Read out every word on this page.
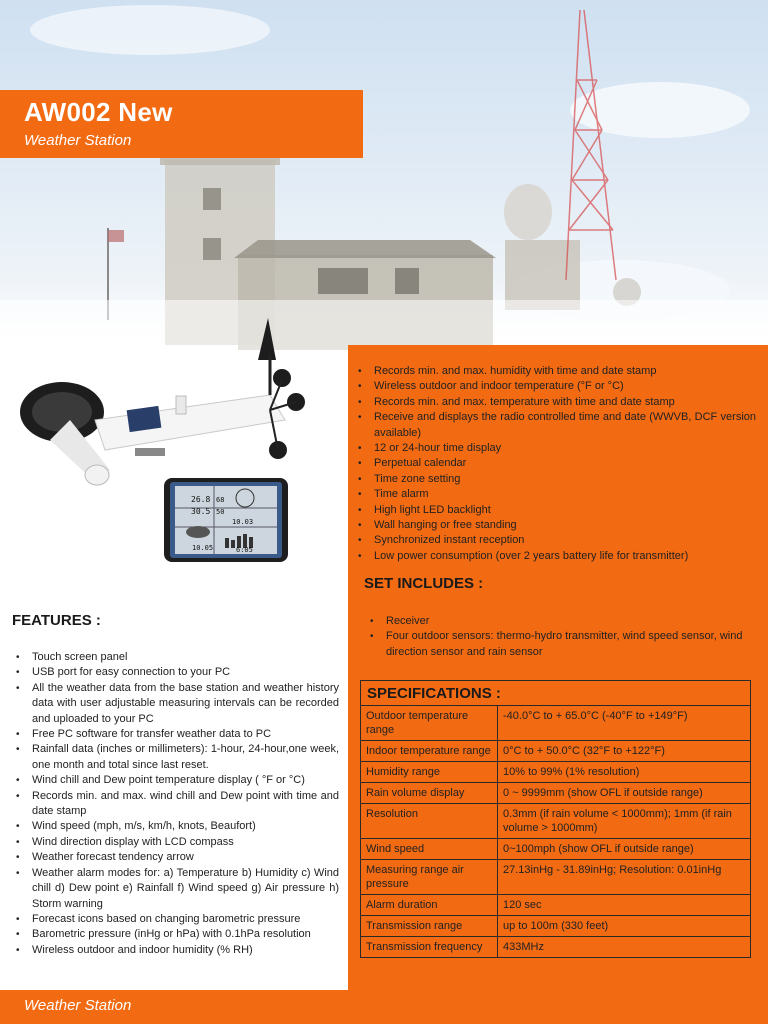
26.8 68
30.5 50
10.03
10.05	6:05
AW002 New
Weather Station
• Records min. and max. humidity with time and date stamp
• Wireless outdoor and indoor temperature (°F or °C)
• Records min. and max. temperature with time and date stamp
• Receive and displays the radio controlled time and date (WWVB, DCF version available)
• 12 or 24-hour time display
• Perpetual calendar
• Time zone setting
• Time alarm
• High light LED backlight
• Wall hanging or free standing
• Synchronized instant reception
• Low power consumption (over 2 years battery life for transmitter)
SET INCLUDES :
• Receiver
• Four outdoor sensors: thermo-hydro transmitter, wind speed sensor, wind direction sensor and rain sensor
SPECIFICATIONS :	
Outdoor temperature range	-40.0°C to + 65.0°C (-40°F to +149°F)
Indoor temperature range	0°C to + 50.0°C (32°F to +122°F)
Humidity range	10% to 99% (1% resolution)
Rain volume display	0 ~ 9999mm (show OFL if outside range)
Resolution	0.3mm (if rain volume < 1000mm); 1mm (if rain volume > 1000mm)
Wind speed	0~100mph (show OFL if outside range)
Measuring range air pressure	27.13inHg - 31.89inHg; Resolution: 0.01inHg
Alarm duration	120 sec
Transmission range	up to 100m (330 feet)
Transmission frequency	433MHz
FEATURES :
• Touch screen panel
• USB port for easy connection to your PC
• All the weather data from the base station and weather history data with user adjustable measuring intervals can be recorded and uploaded to your PC
• Free PC software for transfer weather data to PC
• Rainfall data (inches or millimeters): 1-hour, 24-hour,one week, one month and total since last reset.
• Wind chill and Dew point temperature display ( °F or °C)
• Records min. and max. wind chill and Dew point with time and date stamp
• Wind speed (mph, m/s, km/h, knots, Beaufort)
• Wind direction display with LCD compass
• Weather forecast tendency arrow
• Weather alarm modes for: a) Temperature b) Humidity c) Wind chill d) Dew point e) Rainfall f) Wind speed g) Air pressure h) Storm warning
• Forecast icons based on changing barometric pressure
• Barometric pressure (inHg or hPa) with 0.1hPa resolution
• Wireless outdoor and indoor humidity (% RH)
Weather Station
